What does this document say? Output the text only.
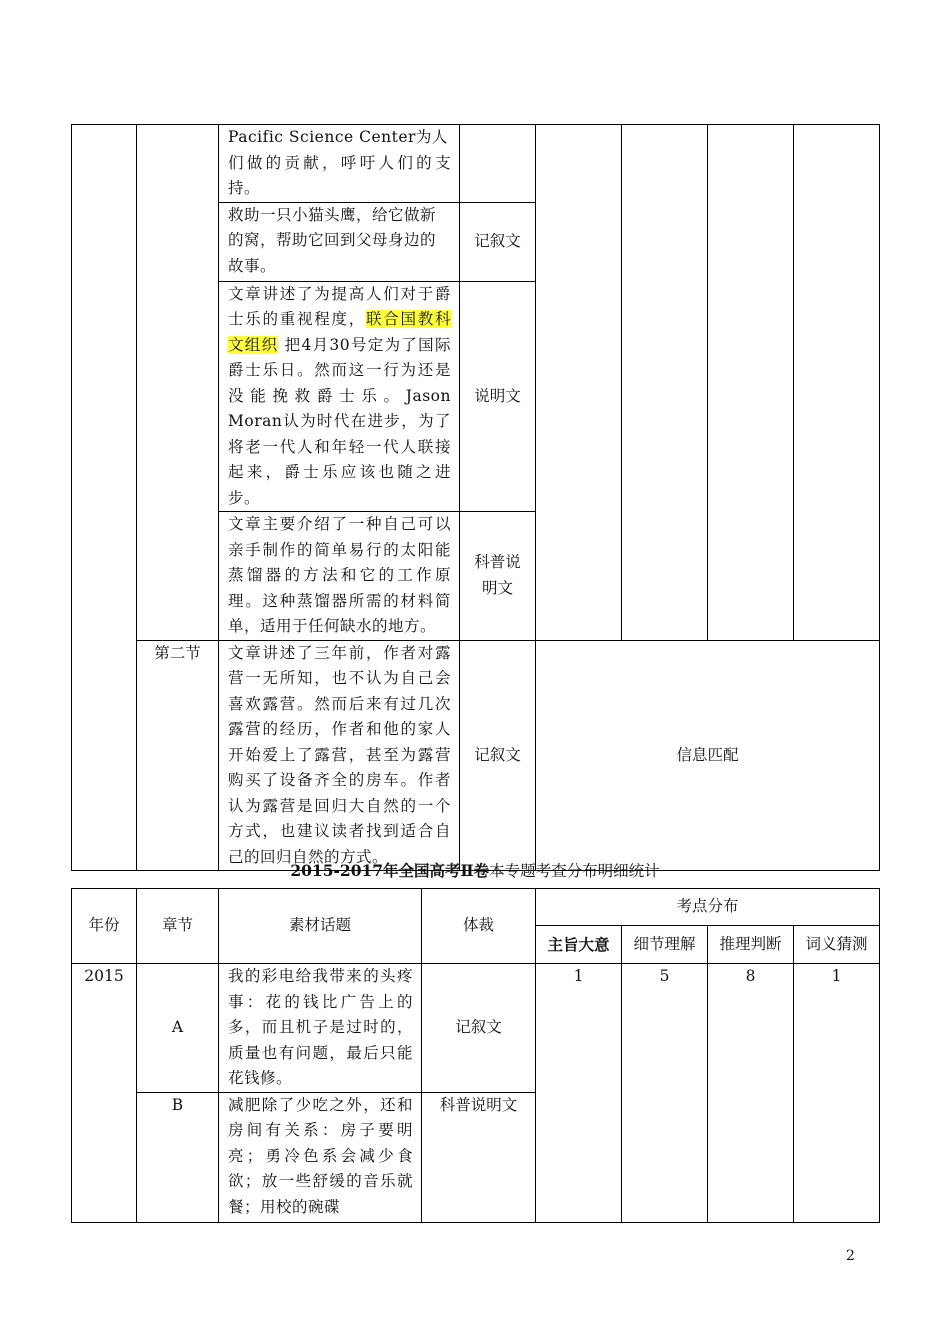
		Pacific Science Center为人
们做的贡献，呼吁人们的支持。					

		救助一只小猫头鹰，给它做新
的窝，帮助它回到父母身边的
故事。	记叙文				
		文章讲述了为提高人们对于爵士乐的重视程度，联合国教科文组织 把4月30号定为了国际爵士乐日。然而这一行为还是没能挽救爵士乐。Jason Moran认为时代在进步，为了将老一代人和年轻一代人联接起来，爵士乐应该也随之进步。	说明文				
		文章主要介绍了一种自己可以亲手制作的简单易行的太阳能蒸馏器的方法和它的工作原理。这种蒸馏器所需的材料简单，适用于任何缺水的地方。	科普说明文				

	第二节	文章讲述了三年前，作者对露营一无所知，也不认为自己会喜欢露营。然而后来有过几次露营的经历，作者和他的家人开始爱上了露营，甚至为露营购买了设备齐全的房车。作者认为露营是回归大自然的一个方式，也建议读者找到适合自己的回归自然的方式。	记叙文	信息匹配			
2015-2017年全国高考Ⅱ卷本专题考查分布明细统计
年份	章节	素材话题	体裁	考点分布			
				主旨大意	细节理解	推理判断	词义猜测
2015	A	我的彩电给我带来的头疼事：花的钱比广告上的多，而且机子是过时的，质量也有问题，最后只能花钱修。	记叙文	1	5	8	1
	B	减肥除了少吃之外，还和房间有关系：房子要明亮；勇冷色系会减少食欲；放一些舒缓的音乐就餐；用校的碗碟	科普说明文				
2
